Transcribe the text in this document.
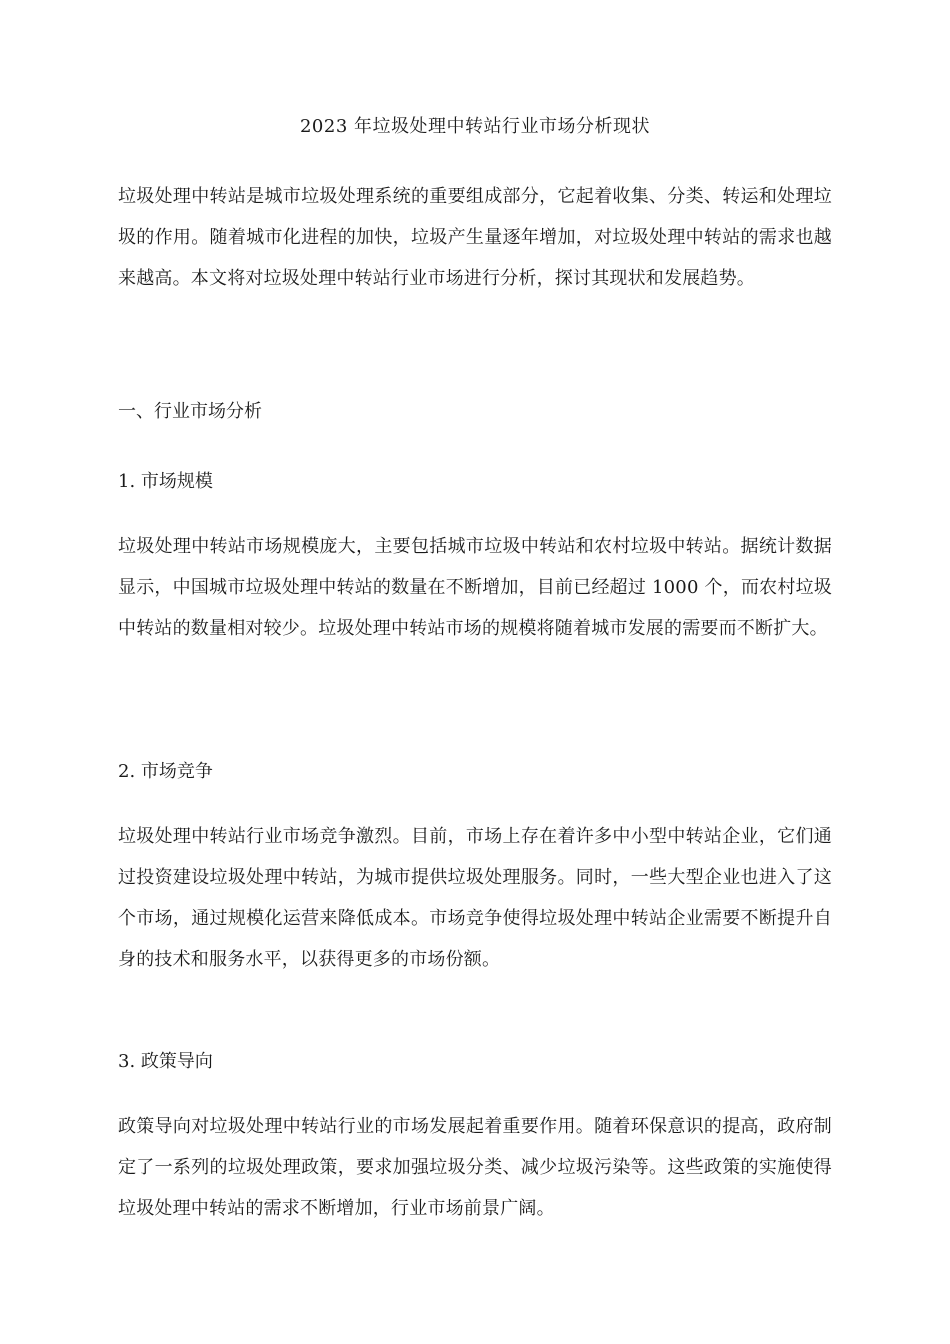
2023 年垃圾处理中转站行业市场分析现状

垃圾处理中转站是城市垃圾处理系统的重要组成部分，它起着收集、分类、转运和处理垃圾的作用。随着城市化进程的加快，垃圾产生量逐年增加，对垃圾处理中转站的需求也越来越高。本文将对垃圾处理中转站行业市场进行分析，探讨其现状和发展趋势。

一、行业市场分析

1. 市场规模

垃圾处理中转站市场规模庞大，主要包括城市垃圾中转站和农村垃圾中转站。据统计数据显示，中国城市垃圾处理中转站的数量在不断增加，目前已经超过 1000 个，而农村垃圾中转站的数量相对较少。垃圾处理中转站市场的规模将随着城市发展的需要而不断扩大。

2. 市场竞争

垃圾处理中转站行业市场竞争激烈。目前，市场上存在着许多中小型中转站企业，它们通过投资建设垃圾处理中转站，为城市提供垃圾处理服务。同时，一些大型企业也进入了这个市场，通过规模化运营来降低成本。市场竞争使得垃圾处理中转站企业需要不断提升自身的技术和服务水平，以获得更多的市场份额。

3. 政策导向

政策导向对垃圾处理中转站行业的市场发展起着重要作用。随着环保意识的提高，政府制定了一系列的垃圾处理政策，要求加强垃圾分类、减少垃圾污染等。这些政策的实施使得垃圾处理中转站的需求不断增加，行业市场前景广阔。
